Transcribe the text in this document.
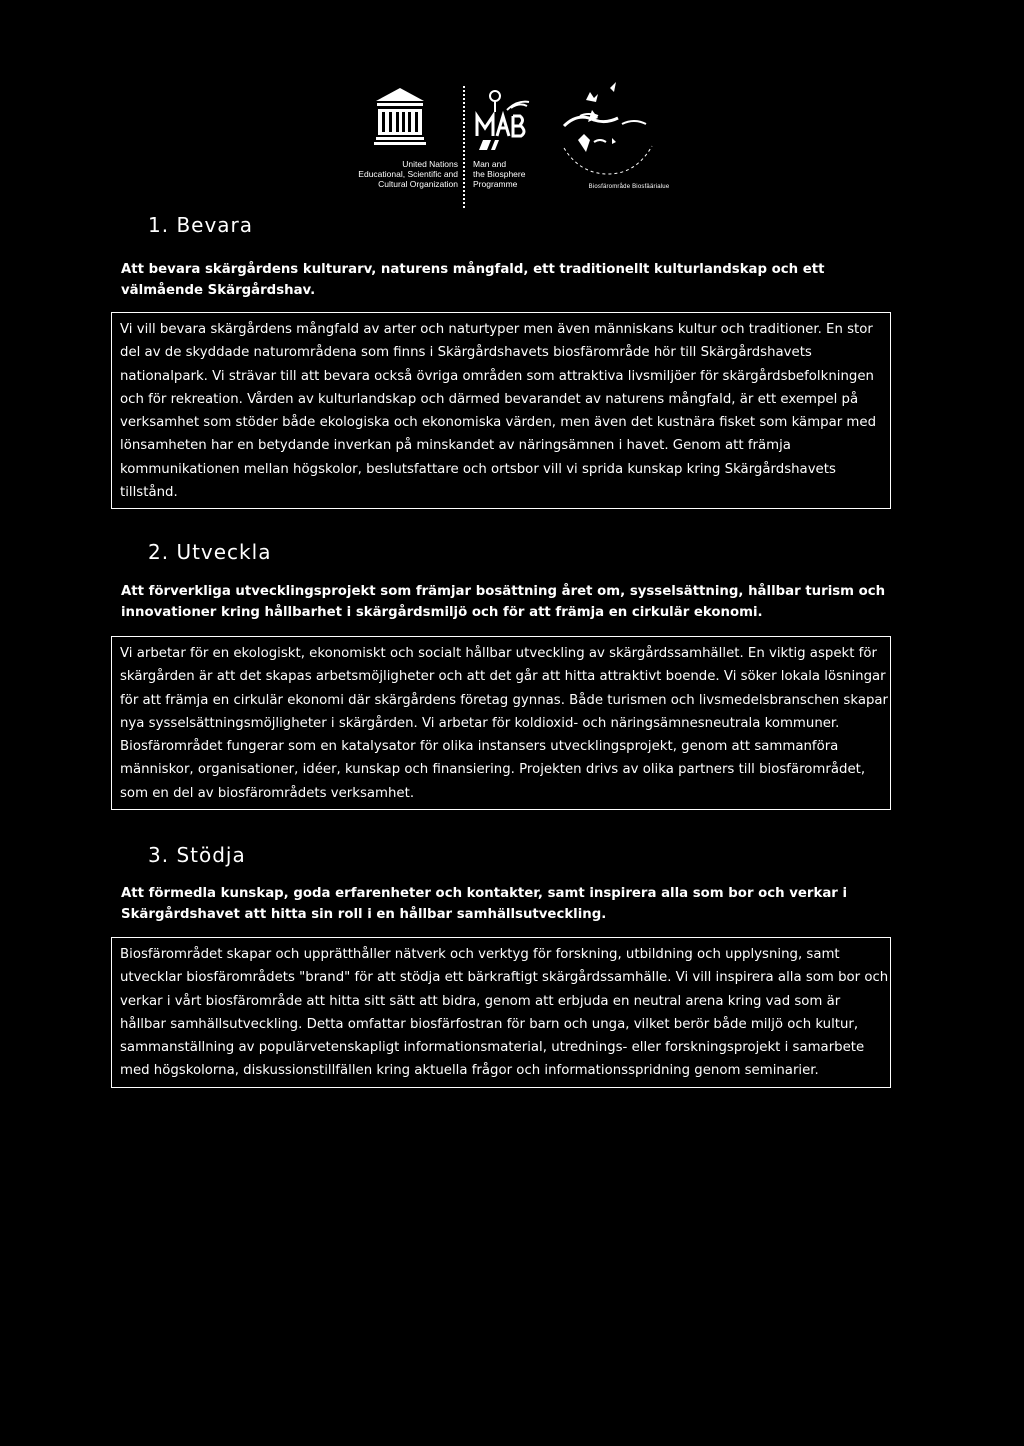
United Nations
Educational, Scientific and
Cultural Organization
Man and
the Biosphere
Programme	Biosfärområde Biosfäärialue
1. Bevara

Att bevara skärgårdens kulturarv, naturens mångfald, ett traditionellt kulturlandskap och ett välmående Skärgårdshav.

Vi vill bevara skärgårdens mångfald av arter och naturtyper men även människans kultur och traditioner. En stor del av de skyddade naturområdena som finns i Skärgårdshavets biosfärområde hör till Skärgårdshavets nationalpark. Vi strävar till att bevara också övriga områden som attraktiva livsmiljöer för skärgårdsbefolkningen och för rekreation. Vården av kulturlandskap och därmed bevarandet av naturens mångfald, är ett exempel på verksamhet som stöder både ekologiska och ekonomiska värden, men även det kustnära fisket som kämpar med lönsamheten har en betydande inverkan på minskandet av näringsämnen i havet. Genom att främja kommunikationen mellan högskolor, beslutsfattare och ortsbor vill vi sprida kunskap kring Skärgårdshavets tillstånd.

2. Utveckla

Att förverkliga utvecklingsprojekt som främjar bosättning året om, sysselsättning, hållbar turism och innovationer kring hållbarhet i skärgårdsmiljö och för att främja en cirkulär ekonomi.

Vi arbetar för en ekologiskt, ekonomiskt och socialt hållbar utveckling av skärgårdssamhället. En viktig aspekt för skärgården är att det skapas arbetsmöjligheter och att det går att hitta attraktivt boende. Vi söker lokala lösningar för att främja en cirkulär ekonomi där skärgårdens företag gynnas. Både turismen och livsmedelsbranschen skapar nya sysselsättningsmöjligheter i skärgården. Vi arbetar för koldioxid- och näringsämnesneutrala kommuner. Biosfärområdet fungerar som en katalysator för olika instansers utvecklingsprojekt, genom att sammanföra människor, organisationer, idéer, kunskap och finansiering. Projekten drivs av olika partners till biosfärområdet, som en del av biosfärområdets verksamhet.

3. Stödja

Att förmedla kunskap, goda erfarenheter och kontakter, samt inspirera alla som bor och verkar i Skärgårdshavet att hitta sin roll i en hållbar samhällsutveckling.

Biosfärområdet skapar och upprätthåller nätverk och verktyg för forskning, utbildning och upplysning, samt utvecklar biosfärområdets "brand" för att stödja ett bärkraftigt skärgårdssamhälle. Vi vill inspirera alla som bor och verkar i vårt biosfärområde att hitta sitt sätt att bidra, genom att erbjuda en neutral arena kring vad som är hållbar samhällsutveckling. Detta omfattar biosfärfostran för barn och unga, vilket berör både miljö och kultur, sammanställning av populärvetenskapligt informationsmaterial, utrednings- eller forskningsprojekt i samarbete med högskolorna, diskussionstillfällen kring aktuella frågor och informationsspridning genom seminarier.
